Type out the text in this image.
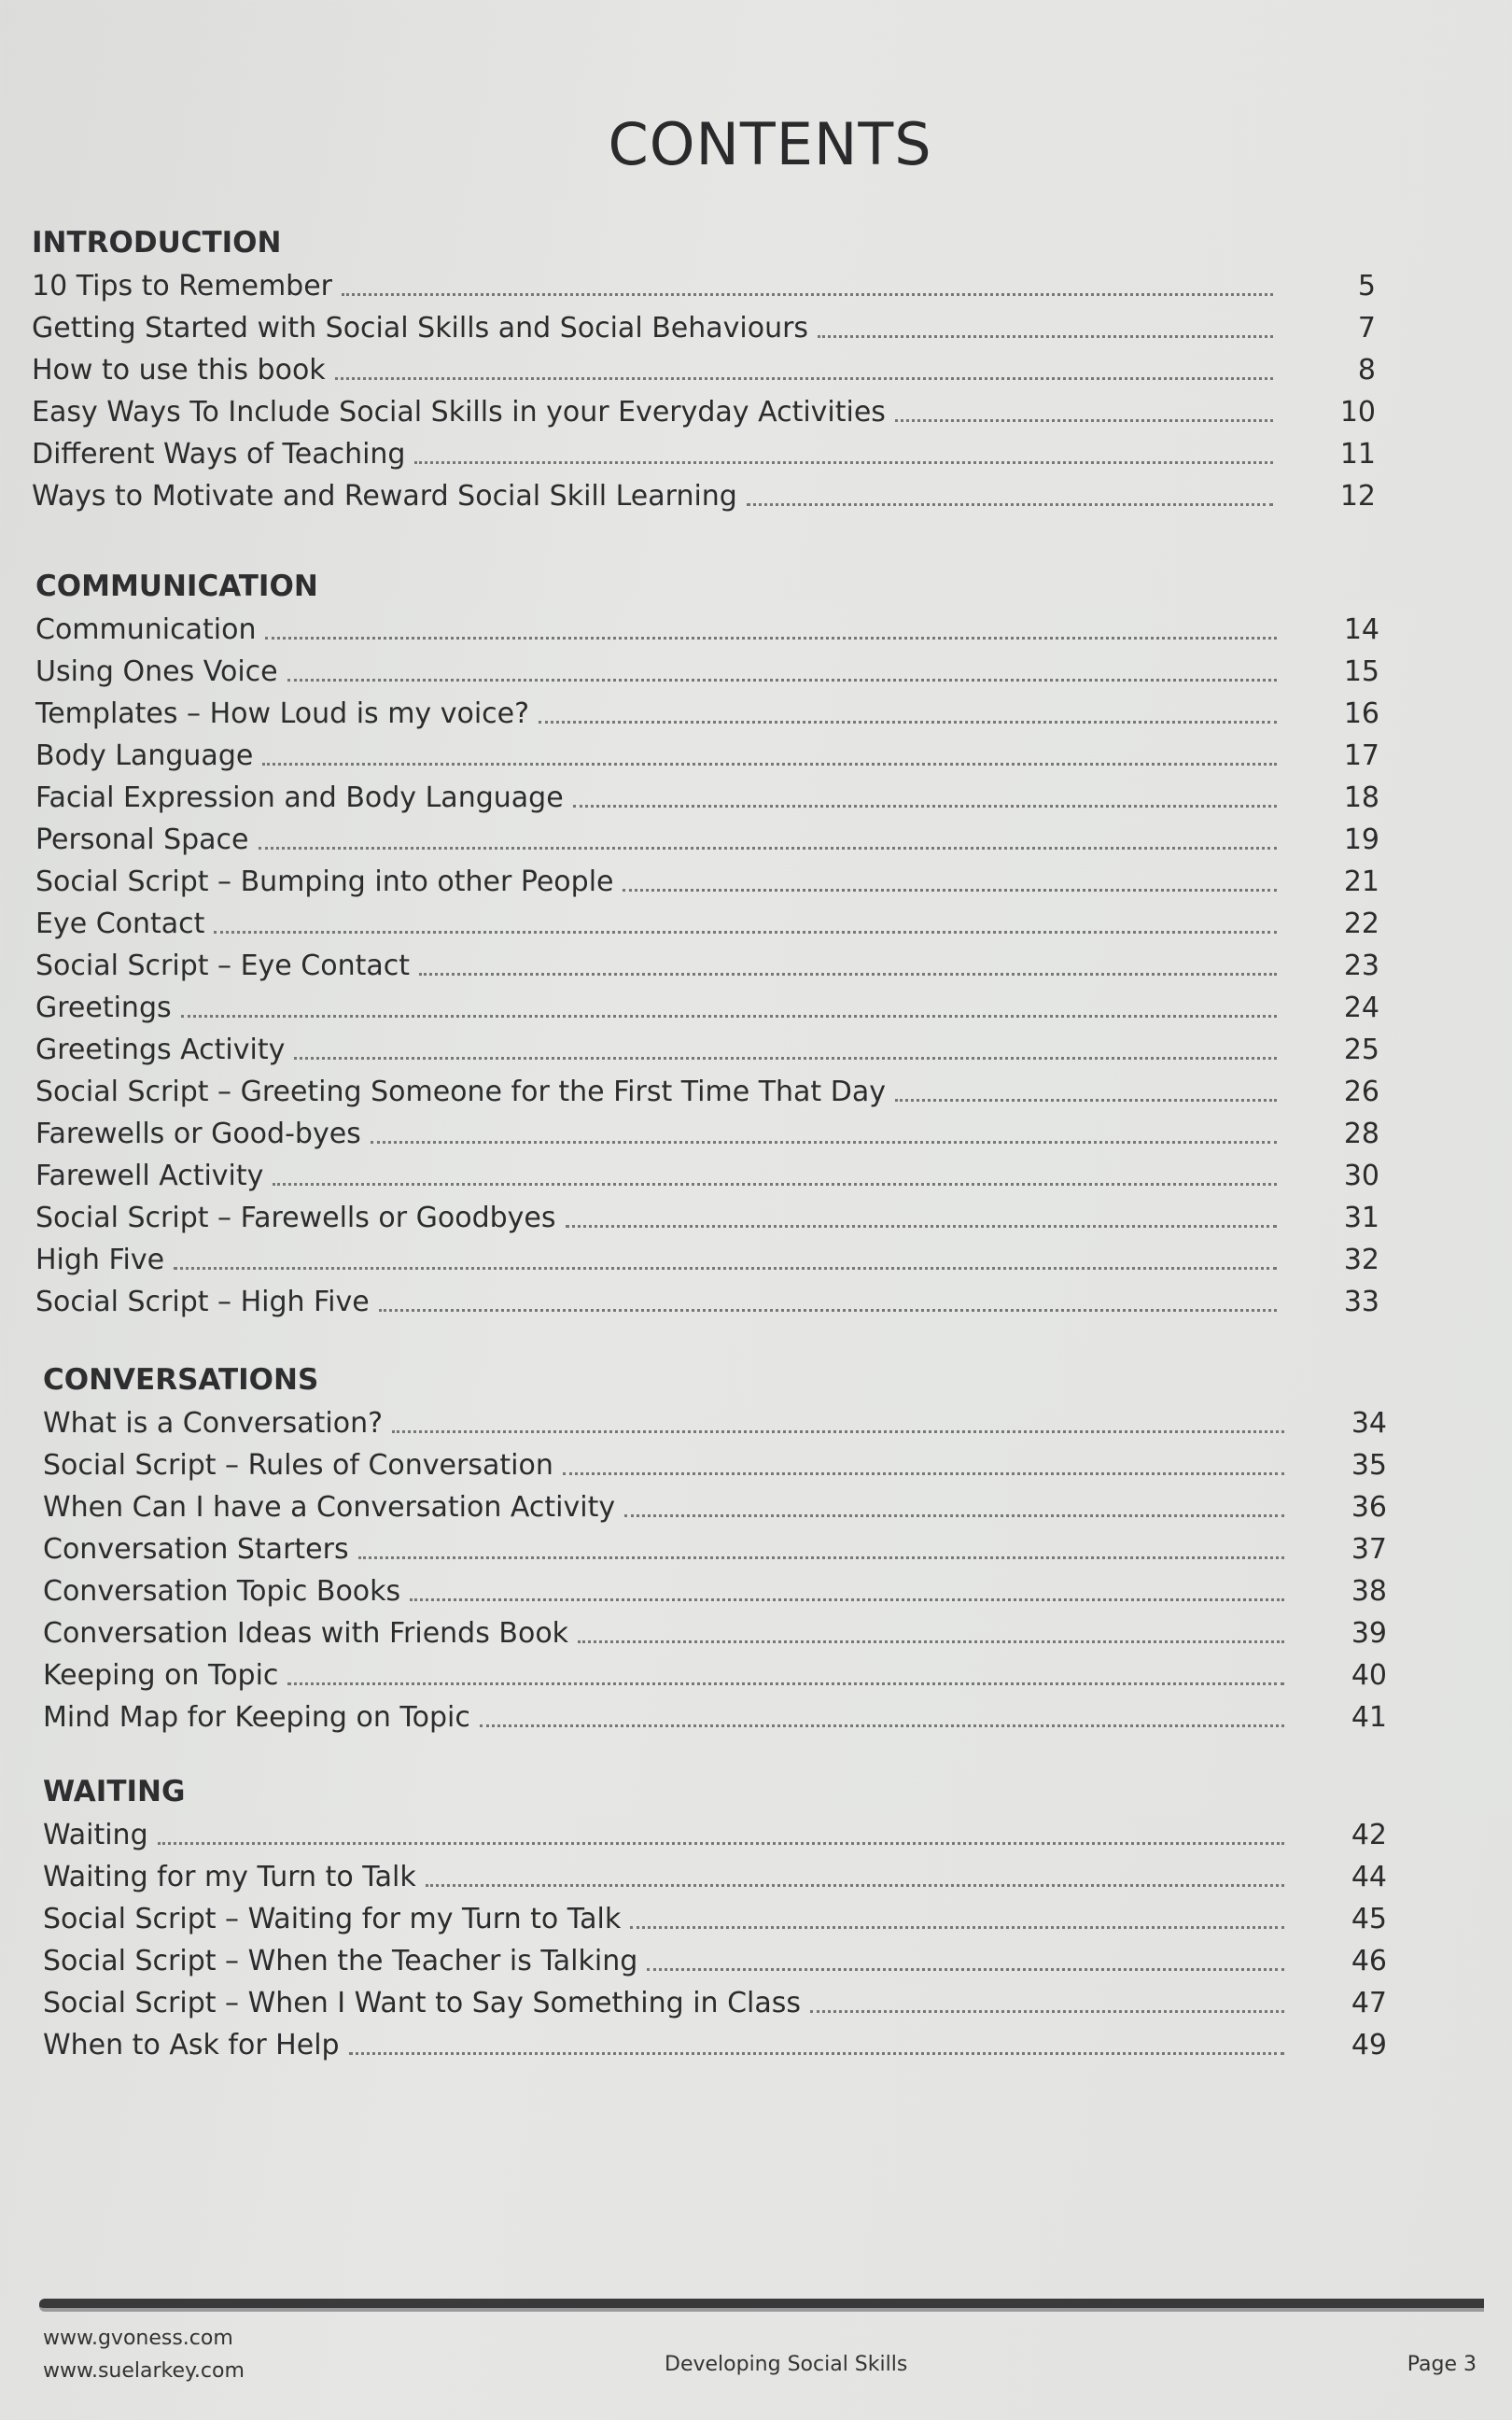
CONTENTS
INTRODUCTION
10 Tips to Remember	5
Getting Started with Social Skills and Social Behaviours	7
How to use this book	8
Easy Ways To Include Social Skills in your Everyday Activities	10
Different Ways of Teaching	11
Ways to Motivate and Reward Social Skill Learning	12
COMMUNICATION
Communication	14
Using Ones Voice	15
Templates – How Loud is my voice?	16
Body Language	17
Facial Expression and Body Language	18
Personal Space	19
Social Script – Bumping into other People	21
Eye Contact	22
Social Script – Eye Contact	23
Greetings	24
Greetings Activity	25
Social Script – Greeting Someone for the First Time That Day	26
Farewells or Good-byes	28
Farewell Activity	30
Social Script – Farewells or Goodbyes	31
High Five	32
Social Script – High Five	33
CONVERSATIONS
What is a Conversation?	34
Social Script – Rules of Conversation	35
When Can I have a Conversation Activity	36
Conversation Starters	37
Conversation Topic Books	38
Conversation Ideas with Friends Book	39
Keeping on Topic	40
Mind Map for Keeping on Topic	41
WAITING
Waiting	42
Waiting for my Turn to Talk	44
Social Script – Waiting for my Turn to Talk	45
Social Script – When the Teacher is Talking	46
Social Script – When I Want to Say Something in Class	47
When to Ask for Help	49
www.gvoness.com
www.suelarkey.com	Developing Social Skills	Page 3
